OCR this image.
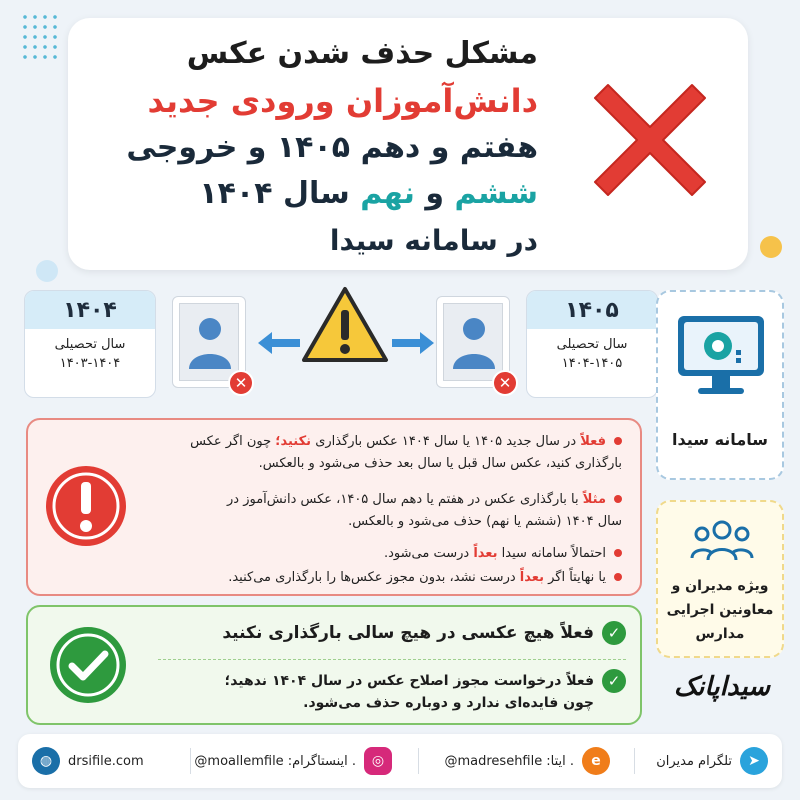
مشکل حذف شدن عکس
دانش‌آموزان ورودی جدید
هفتم و دهم ۱۴۰۵ و خروجی
ششم و نهم سال ۱۴۰۴
در سامانه سیدا
۱۴۰۴
سال تحصیلی
۱۴۰۳-۱۴۰۴
✕	✕
۱۴۰۵
سال تحصیلی
۱۴۰۴-۱۴۰۵
سامانه سیدا
ویژه مدیران و
معاونین اجرایی
مدارس
سیداپانک
فعلاً در سال جدید ۱۴۰۵ یا سال ۱۴۰۴ عکس بارگذاری نکنید؛ چون اگر عکس
بارگذاری کنید، عکس سال قبل یا سال بعد حذف می‌شود و بالعکس.
مثلاً با بارگذاری عکس در هفتم یا دهم سال ۱۴۰۵، عکس دانش‌آموز در
سال ۱۴۰۴ (ششم یا نهم) حذف می‌شود و بالعکس.
احتمالاً سامانه سیدا بعداً درست می‌شود.
یا نهایتاً اگر بعداً درست نشد، بدون مجوز عکس‌ها را بارگذاری می‌کنید.
✓فعلاً هیچ عکسی در هیچ سالی بارگذاری نکنید
✓فعلاً درخواست مجوز اصلاح عکس در سال ۱۴۰۴ ندهید؛
چون فایده‌ای ندارد و دوباره حذف می‌شود.
➤
تلگرام مدیران
e
. ایتا:
@madresehfile
◎
. اینستاگرام:
@moallemfile
◍	drsifile.com
